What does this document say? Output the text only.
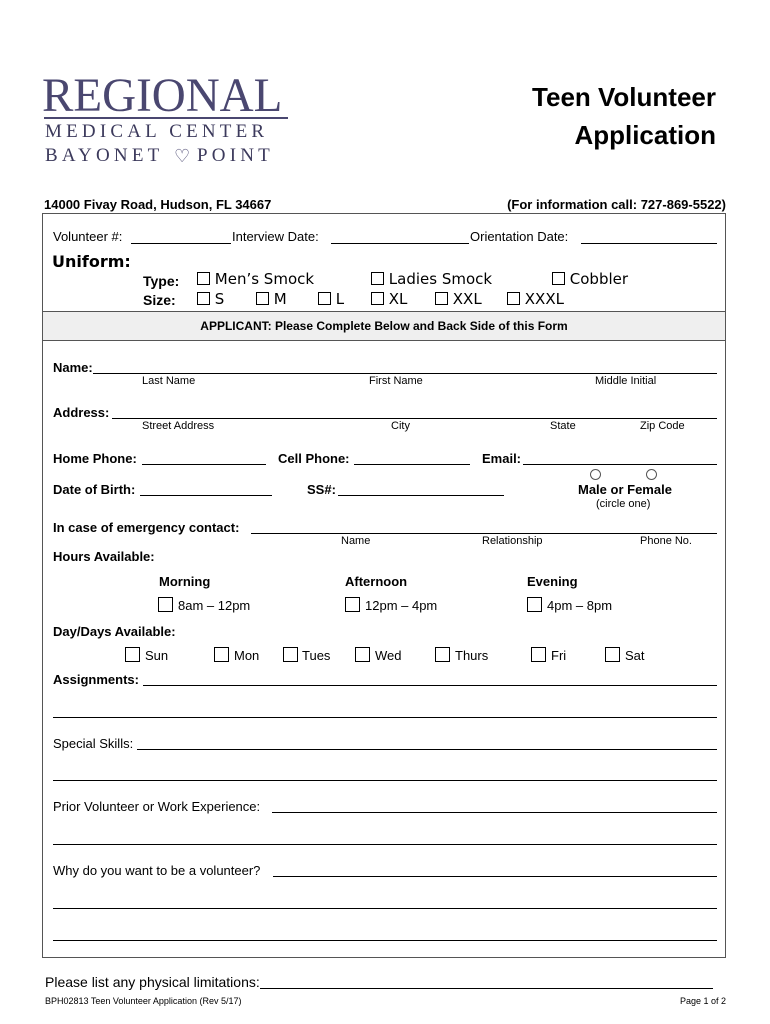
REGIONAL
MEDICAL CENTER
BAYONET ♡ POINT
Teen Volunteer
Application
14000 Fivay Road, Hudson, FL 34667	(For information call: 727-869-5522)
Volunteer #:	Interview Date:	Orientation Date:
Uniform:
Type:	Men’s Smock	Ladies Smock	Cobbler
Size:	S	M	L	XL	XXL	XXXL
APPLICANT: Please Complete Below and Back Side of this Form
Name:
Last Name	First Name	Middle Initial
Address:
Street Address	City	State	Zip Code
Home Phone:	Cell Phone:	Email:
Date of Birth:	SS#:	Male or Female
(circle one)
In case of emergency contact:
Name	Relationship	Phone No.
Hours Available:
Morning	Afternoon	Evening
8am – 12pm	12pm – 4pm	4pm – 8pm
Day/Days Available:
Sun	Mon	Tues	Wed	Thurs	Fri	Sat
Assignments:
Special Skills:
Prior Volunteer or Work Experience:
Why do you want to be a volunteer?
Please list any physical limitations:
BPH02813 Teen Volunteer Application (Rev 5/17)	Page 1 of 2
